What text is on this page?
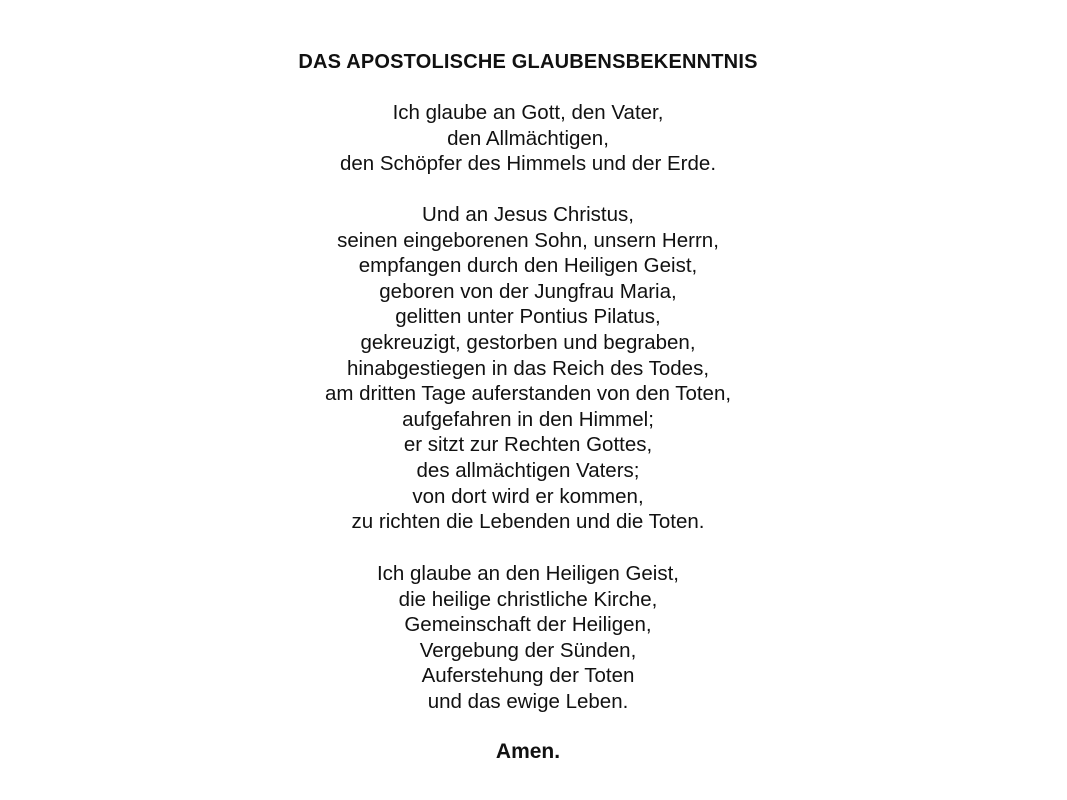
DAS APOSTOLISCHE GLAUBENSBEKENNTNIS
Ich glaube an Gott, den Vater,
den Allmächtigen,
den Schöpfer des Himmels und der Erde.
Und an Jesus Christus,
seinen eingeborenen Sohn, unsern Herrn,
empfangen durch den Heiligen Geist,
geboren von der Jungfrau Maria,
gelitten unter Pontius Pilatus,
gekreuzigt, gestorben und begraben,
hinabgestiegen in das Reich des Todes,
am dritten Tage auferstanden von den Toten,
aufgefahren in den Himmel;
er sitzt zur Rechten Gottes,
des allmächtigen Vaters;
von dort wird er kommen,
zu richten die Lebenden und die Toten.
Ich glaube an den Heiligen Geist,
die heilige christliche Kirche,
Gemeinschaft der Heiligen,
Vergebung der Sünden,
Auferstehung der Toten
und das ewige Leben.
Amen.
